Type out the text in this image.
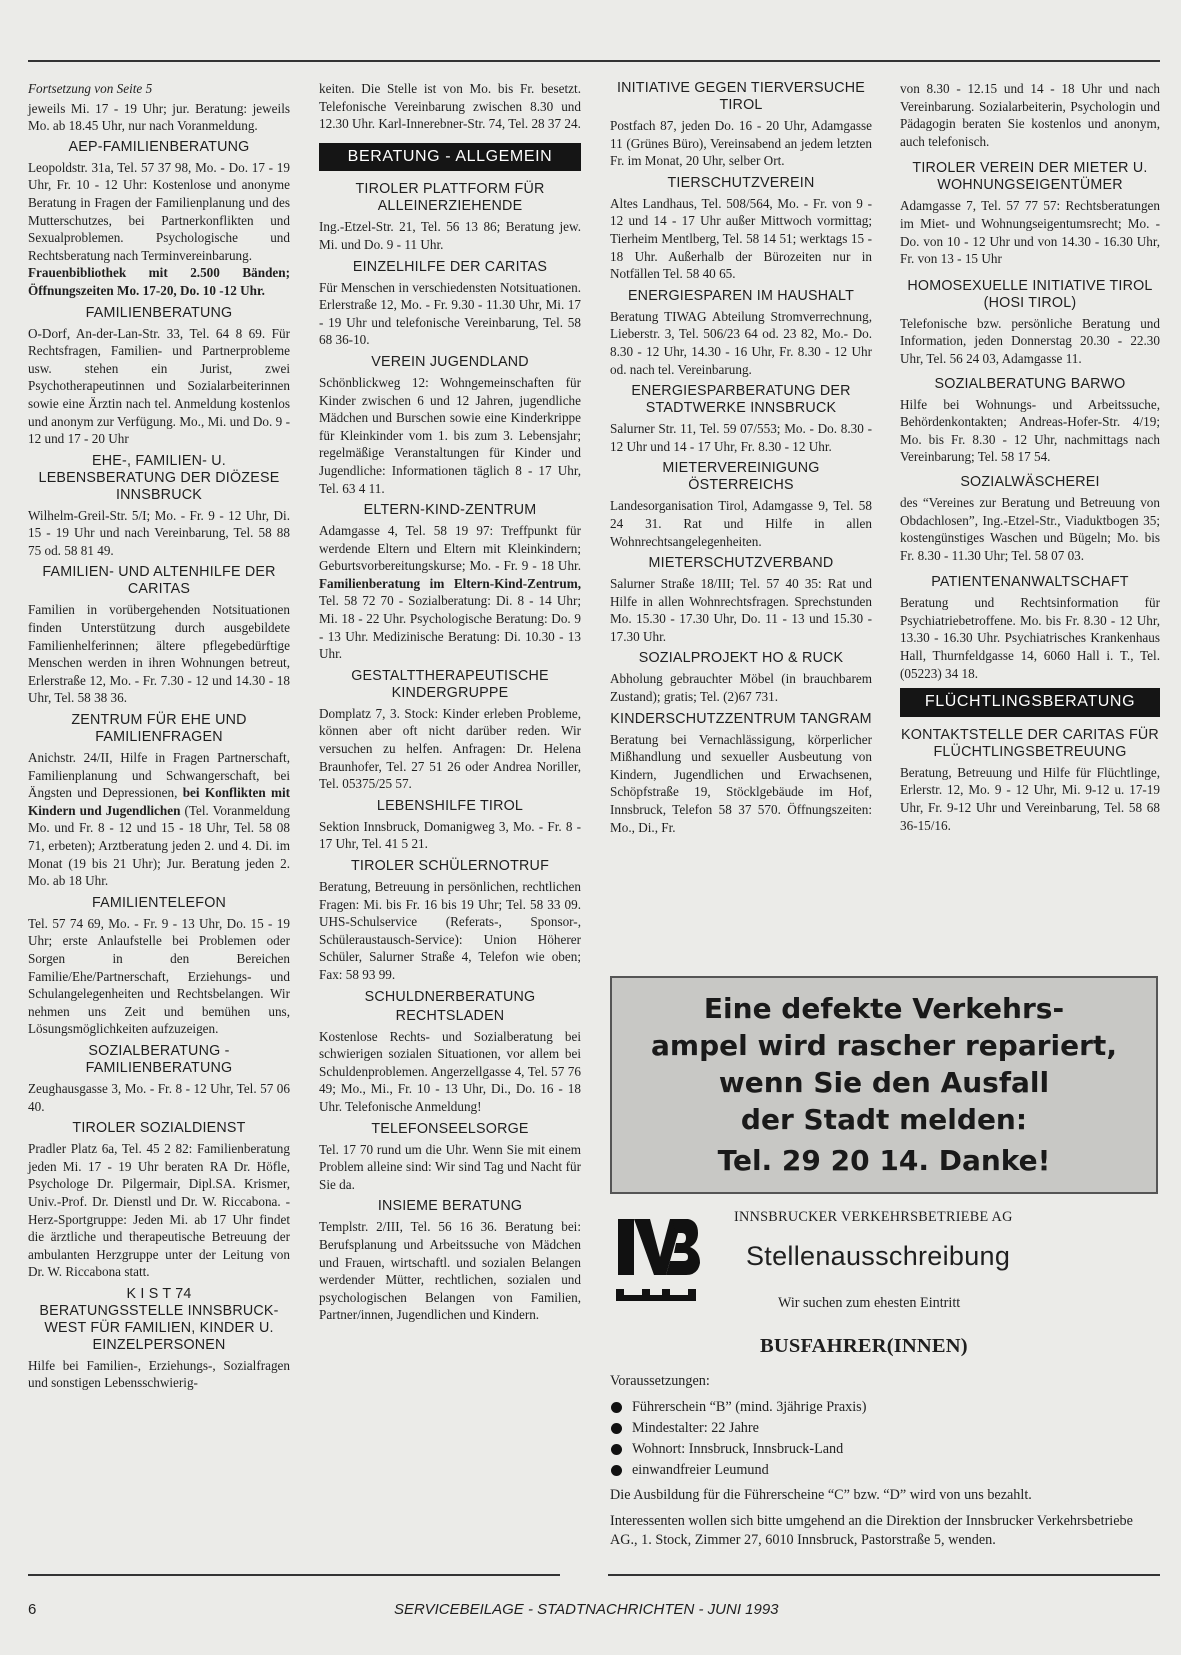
Fortsetzung von Seite 5

jeweils Mi. 17 - 19 Uhr; jur. Beratung: jeweils Mo. ab 18.45 Uhr, nur nach Voranmeldung.

AEP-FAMILIENBERATUNG

Leopoldstr. 31a, Tel. 57 37 98, Mo. - Do. 17 - 19 Uhr, Fr. 10 - 12 Uhr: Kostenlose und anonyme Beratung in Fragen der Familienplanung und des Mutterschutzes, bei Partnerkonflikten und Sexualproblemen. Psychologische und Rechtsberatung nach Terminvereinbarung.

Frauenbibliothek mit 2.500 Bänden; Öffnungszeiten Mo. 17-20, Do. 10 -12 Uhr.

FAMILIENBERATUNG

O-Dorf, An-der-Lan-Str. 33, Tel. 64 8 69. Für Rechtsfragen, Familien- und Partnerprobleme usw. stehen ein Jurist, zwei Psychotherapeutinnen und Sozialarbeiterinnen sowie eine Ärztin nach tel. Anmeldung kostenlos und anonym zur Verfügung. Mo., Mi. und Do. 9 - 12 und 17 - 20 Uhr

EHE-, FAMILIEN- U. LEBENSBERATUNG DER DIÖZESE INNSBRUCK

Wilhelm-Greil-Str. 5/I; Mo. - Fr. 9 - 12 Uhr, Di. 15 - 19 Uhr und nach Vereinbarung, Tel. 58 88 75 od. 58 81 49.

FAMILIEN- UND ALTENHILFE DER CARITAS

Familien in vorübergehenden Notsituationen finden Unterstützung durch ausgebildete Familienhelferinnen; ältere pflegebedürftige Menschen werden in ihren Wohnungen betreut, Erlerstraße 12, Mo. - Fr. 7.30 - 12 und 14.30 - 18 Uhr, Tel. 58 38 36.

ZENTRUM FÜR EHE UND FAMILIENFRAGEN

Anichstr. 24/II, Hilfe in Fragen Partnerschaft, Familienplanung und Schwangerschaft, bei Ängsten und Depressionen, bei Konflikten mit Kindern und Jugendlichen (Tel. Voranmeldung Mo. und Fr. 8 - 12 und 15 - 18 Uhr, Tel. 58 08 71, erbeten); Arztberatung jeden 2. und 4. Di. im Monat (19 bis 21 Uhr); Jur. Beratung jeden 2. Mo. ab 18 Uhr.

FAMILIENTELEFON

Tel. 57 74 69, Mo. - Fr. 9 - 13 Uhr, Do. 15 - 19 Uhr; erste Anlaufstelle bei Problemen oder Sorgen in den Bereichen Familie/Ehe/Partnerschaft, Erziehungs- und Schulangelegenheiten und Rechtsbelangen. Wir nehmen uns Zeit und bemühen uns, Lösungsmöglichkeiten aufzuzeigen.

SOZIALBERATUNG - FAMILIENBERATUNG

Zeughausgasse 3, Mo. - Fr. 8 - 12 Uhr, Tel. 57 06 40.

TIROLER SOZIALDIENST

Pradler Platz 6a, Tel. 45 2 82: Familienberatung jeden Mi. 17 - 19 Uhr beraten RA Dr. Höfle, Psychologe Dr. Pilgermair, Dipl.SA. Krismer, Univ.-Prof. Dr. Dienstl und Dr. W. Riccabona. - Herz-Sportgruppe: Jeden Mi. ab 17 Uhr findet die ärztliche und therapeutische Betreuung der ambulanten Herzgruppe unter der Leitung von Dr. W. Riccabona statt.

K I S T 74
BERATUNGSSTELLE INNSBRUCK-WEST FÜR FAMILIEN, KINDER U. EINZELPERSONEN

Hilfe bei Familien-, Erziehungs-, Sozialfragen und sonstigen Lebensschwierig-

keiten. Die Stelle ist von Mo. bis Fr. besetzt. Telefonische Vereinbarung zwischen 8.30 und 12.30 Uhr. Karl-Innerebner-Str. 74, Tel. 28 37 24.

BERATUNG - ALLGEMEIN
TIROLER PLATTFORM FÜR ALLEINERZIEHENDE

Ing.-Etzel-Str. 21, Tel. 56 13 86; Beratung jew. Mi. und Do. 9 - 11 Uhr.

EINZELHILFE DER CARITAS

Für Menschen in verschiedensten Notsituationen. Erlerstraße 12, Mo. - Fr. 9.30 - 11.30 Uhr, Mi. 17 - 19 Uhr und telefonische Vereinbarung, Tel. 58 68 36-10.

VEREIN JUGENDLAND

Schönblickweg 12: Wohngemeinschaften für Kinder zwischen 6 und 12 Jahren, jugendliche Mädchen und Burschen sowie eine Kinderkrippe für Kleinkinder vom 1. bis zum 3. Lebensjahr; regelmäßige Veranstaltungen für Kinder und Jugendliche: Informationen täglich 8 - 17 Uhr, Tel. 63 4 11.

ELTERN-KIND-ZENTRUM

Adamgasse 4, Tel. 58 19 97: Treffpunkt für werdende Eltern und Eltern mit Kleinkindern; Geburtsvorbereitungskurse; Mo. - Fr. 9 - 18 Uhr. Familienberatung im Eltern-Kind-Zentrum, Tel. 58 72 70 - Sozialberatung: Di. 8 - 14 Uhr; Mi. 18 - 22 Uhr. Psychologische Beratung: Do. 9 - 13 Uhr. Medizinische Beratung: Di. 10.30 - 13 Uhr.

GESTALTTHERAPEUTISCHE KINDERGRUPPE

Domplatz 7, 3. Stock: Kinder erleben Probleme, können aber oft nicht darüber reden. Wir versuchen zu helfen. Anfragen: Dr. Helena Braunhofer, Tel. 27 51 26 oder Andrea Noriller, Tel. 05375/25 57.

LEBENSHILFE TIROL

Sektion Innsbruck, Domanigweg 3, Mo. - Fr. 8 - 17 Uhr, Tel. 41 5 21.

TIROLER SCHÜLERNOTRUF

Beratung, Betreuung in persönlichen, rechtlichen Fragen: Mi. bis Fr. 16 bis 19 Uhr; Tel. 58 33 09. UHS-Schulservice (Referats-, Sponsor-, Schüleraustausch-Service): Union Höherer Schüler, Salurner Straße 4, Telefon wie oben; Fax: 58 93 99.

SCHULDNERBERATUNG
RECHTSLADEN

Kostenlose Rechts- und Sozialberatung bei schwierigen sozialen Situationen, vor allem bei Schuldenproblemen. Angerzellgasse 4, Tel. 57 76 49; Mo., Mi., Fr. 10 - 13 Uhr, Di., Do. 16 - 18 Uhr. Telefonische Anmeldung!

TELEFONSEELSORGE

Tel. 17 70 rund um die Uhr. Wenn Sie mit einem Problem alleine sind: Wir sind Tag und Nacht für Sie da.

INSIEME BERATUNG

Templstr. 2/III, Tel. 56 16 36. Beratung bei: Berufsplanung und Arbeitssuche von Mädchen und Frauen, wirtschaftl. und sozialen Belangen werdender Mütter, rechtlichen, sozialen und psychologischen Belangen von Familien, Partner/innen, Jugendlichen und Kindern.

INITIATIVE GEGEN TIERVERSUCHE TIROL

Postfach 87, jeden Do. 16 - 20 Uhr, Adamgasse 11 (Grünes Büro), Vereinsabend an jedem letzten Fr. im Monat, 20 Uhr, selber Ort.

TIERSCHUTZVEREIN

Altes Landhaus, Tel. 508/564, Mo. - Fr. von 9 - 12 und 14 - 17 Uhr außer Mittwoch vormittag; Tierheim Mentlberg, Tel. 58 14 51; werktags 15 - 18 Uhr. Außerhalb der Bürozeiten nur in Notfällen Tel. 58 40 65.

ENERGIESPAREN IM HAUSHALT

Beratung TIWAG Abteilung Stromverrechnung, Lieberstr. 3, Tel. 506/23 64 od. 23 82, Mo.- Do. 8.30 - 12 Uhr, 14.30 - 16 Uhr, Fr. 8.30 - 12 Uhr od. nach tel. Vereinbarung.

ENERGIESPARBERATUNG DER STADTWERKE INNSBRUCK

Salurner Str. 11, Tel. 59 07/553; Mo. - Do. 8.30 - 12 Uhr und 14 - 17 Uhr, Fr. 8.30 - 12 Uhr.

MIETERVEREINIGUNG ÖSTERREICHS

Landesorganisation Tirol, Adamgasse 9, Tel. 58 24 31. Rat und Hilfe in allen Wohnrechtsangelegenheiten.

MIETERSCHUTZVERBAND

Salurner Straße 18/III; Tel. 57 40 35: Rat und Hilfe in allen Wohnrechtsfragen. Sprechstunden Mo. 15.30 - 17.30 Uhr, Do. 11 - 13 und 15.30 - 17.30 Uhr.

SOZIALPROJEKT HO & RUCK

Abholung gebrauchter Möbel (in brauchbarem Zustand); gratis; Tel. (2)67 731.

KINDERSCHUTZZENTRUM TANGRAM

Beratung bei Vernachlässigung, körperlicher Mißhandlung und sexueller Ausbeutung von Kindern, Jugendlichen und Erwachsenen, Schöpfstraße 19, Stöcklgebäude im Hof, Innsbruck, Telefon 58 37 570. Öffnungszeiten: Mo., Di., Fr.

von 8.30 - 12.15 und 14 - 18 Uhr und nach Vereinbarung. Sozialarbeiterin, Psychologin und Pädagogin beraten Sie kostenlos und anonym, auch telefonisch.

TIROLER VEREIN DER MIETER U. WOHNUNGSEIGENTÜMER

Adamgasse 7, Tel. 57 77 57: Rechtsberatungen im Miet- und Wohnungseigentumsrecht; Mo. - Do. von 10 - 12 Uhr und von 14.30 - 16.30 Uhr, Fr. von 13 - 15 Uhr

HOMOSEXUELLE INITIATIVE TIROL (HOSI TIROL)

Telefonische bzw. persönliche Beratung und Information, jeden Donnerstag 20.30 - 22.30 Uhr, Tel. 56 24 03, Adamgasse 11.

SOZIALBERATUNG BARWO

Hilfe bei Wohnungs- und Arbeitssuche, Behördenkontakten; Andreas-Hofer-Str. 4/19; Mo. bis Fr. 8.30 - 12 Uhr, nachmittags nach Vereinbarung; Tel. 58 17 54.

SOZIALWÄSCHEREI

des “Vereines zur Beratung und Betreuung von Obdachlosen”, Ing.-Etzel-Str., Viaduktbogen 35; kostengünstiges Waschen und Bügeln; Mo. bis Fr. 8.30 - 11.30 Uhr; Tel. 58 07 03.

PATIENTENANWALTSCHAFT

Beratung und Rechtsinformation für Psychiatriebetroffene. Mo. bis Fr. 8.30 - 12 Uhr, 13.30 - 16.30 Uhr. Psychiatrisches Krankenhaus Hall, Thurnfeldgasse 14, 6060 Hall i. T., Tel. (05223) 34 18.

FLÜCHTLINGSBERATUNG
KONTAKTSTELLE DER CARITAS FÜR FLÜCHTLINGSBETREUUNG

Beratung, Betreuung und Hilfe für Flüchtlinge, Erlerstr. 12, Mo. 9 - 12 Uhr, Mi. 9-12 u. 17-19 Uhr, Fr. 9-12 Uhr und Vereinbarung, Tel. 58 68 36-15/16.

Eine defekte Verkehrs-
ampel wird rascher repariert,
wenn Sie den Ausfall
der Stadt melden:
Tel. 29 20 14. Danke!
INNSBRUCKER VERKEHRSBETRIEBE AG
Stellenausschreibung
Wir suchen zum ehesten Eintritt
BUSFAHRER(INNEN)
Voraussetzungen:
Führerschein “B” (mind. 3jährige Praxis)
Mindestalter: 22 Jahre
Wohnort: Innsbruck, Innsbruck-Land
einwandfreier Leumund
Die Ausbildung für die Führerscheine “C” bzw. “D” wird von uns bezahlt.
Interessenten wollen sich bitte umgehend an die Direktion der Innsbrucker Verkehrsbetriebe AG., 1. Stock, Zimmer 27, 6010 Innsbruck, Pastorstraße 5, wenden.
6	SERVICEBEILAGE - STADTNACHRICHTEN - JUNI 1993
